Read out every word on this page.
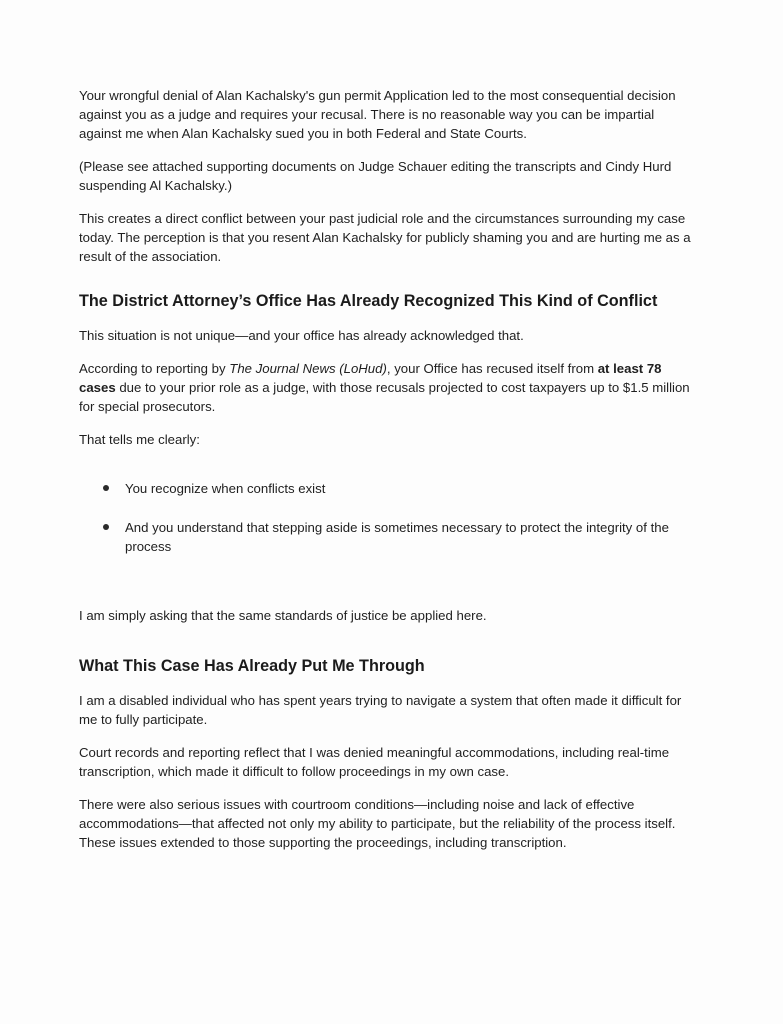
Your wrongful denial of Alan Kachalsky's gun permit Application led to the most consequential decision against you as a judge and requires your recusal. There is no reasonable way you can be impartial against me when Alan Kachalsky sued you in both Federal and State Courts.

(Please see attached supporting documents on Judge Schauer editing the transcripts and Cindy Hurd suspending Al Kachalsky.)

This creates a direct conflict between your past judicial role and the circumstances surrounding my case today. The perception is that you resent Alan Kachalsky for publicly shaming you and are hurting me as a result of the association.

The District Attorney’s Office Has Already Recognized This Kind of Conflict

This situation is not unique—and your office has already acknowledged that.

According to reporting by The Journal News (LoHud), your Office has recused itself from at least 78 cases due to your prior role as a judge, with those recusals projected to cost taxpayers up to $1.5 million for special prosecutors.

That tells me clearly:

You recognize when conflicts exist
And you understand that stepping aside is sometimes necessary to protect the integrity of the process

I am simply asking that the same standards of justice be applied here.

What This Case Has Already Put Me Through

I am a disabled individual who has spent years trying to navigate a system that often made it difficult for me to fully participate.

Court records and reporting reflect that I was denied meaningful accommodations, including real-time transcription, which made it difficult to follow proceedings in my own case.

There were also serious issues with courtroom conditions—including noise and lack of effective accommodations—that affected not only my ability to participate, but the reliability of the process itself. These issues extended to those supporting the proceedings, including transcription.
